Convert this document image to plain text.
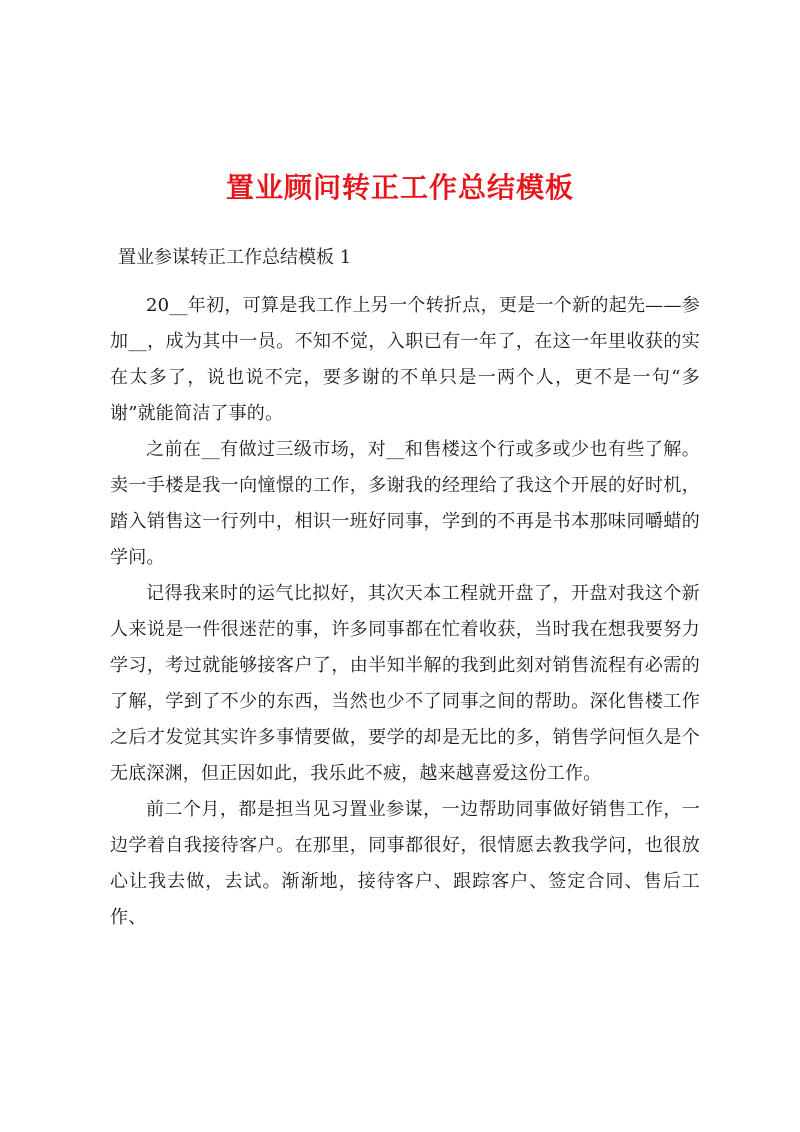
置业顾问转正工作总结模板
置业参谋转正工作总结模板 1

20__年初，可算是我工作上另一个转折点，更是一个新的起先——参加__，成为其中一员。不知不觉，入职已有一年了，在这一年里收获的实在太多了，说也说不完，要多谢的不单只是一两个人，更不是一句“多谢”就能简洁了事的。

之前在__有做过三级市场，对__和售楼这个行或多或少也有些了解。卖一手楼是我一向憧憬的工作，多谢我的经理给了我这个开展的好时机，踏入销售这一行列中，相识一班好同事，学到的不再是书本那味同嚼蜡的学问。

记得我来时的运气比拟好，其次天本工程就开盘了，开盘对我这个新人来说是一件很迷茫的事，许多同事都在忙着收获，当时我在想我要努力学习，考过就能够接客户了，由半知半解的我到此刻对销售流程有必需的了解，学到了不少的东西，当然也少不了同事之间的帮助。深化售楼工作之后才发觉其实许多事情要做，要学的却是无比的多，销售学问恒久是个无底深渊，但正因如此，我乐此不疲，越来越喜爱这份工作。

前二个月，都是担当见习置业参谋，一边帮助同事做好销售工作，一边学着自我接待客户。在那里，同事都很好，很情愿去教我学问，也很放心让我去做，去试。渐渐地，接待客户、跟踪客户、签定合同、售后工作、
